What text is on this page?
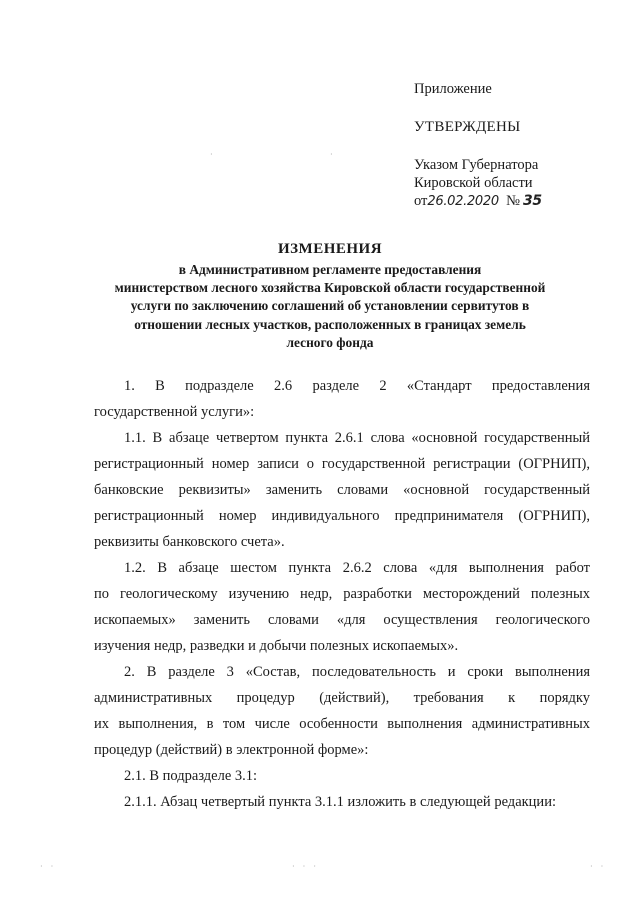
Приложение
УТВЕРЖДЕНЫ
Указом Губернатора
Кировской области
от26.02.2020 № 35
ИЗМЕНЕНИЯ
в Административном регламенте предоставления
министерством лесного хозяйства Кировской области государственной
услуги по заключению соглашений об установлении сервитутов в
отношении лесных участков, расположенных в границах земель
лесного фонда
1. В подразделе 2.6 разделе 2 «Стандарт предоставления
государственной услуги»:
1.1. В абзаце четвертом пункта 2.6.1 слова «основной государственный
регистрационный номер записи о государственной регистрации (ОГРНИП),
банковские реквизиты» заменить словами «основной государственный
регистрационный номер индивидуального предпринимателя (ОГРНИП),
реквизиты банковского счета».
1.2. В абзаце шестом пункта 2.6.2 слова «для выполнения работ
по геологическому изучению недр, разработки месторождений полезных
ископаемых» заменить словами «для осуществления геологического
изучения недр, разведки и добычи полезных ископаемых».
2. В разделе 3 «Состав, последовательность и сроки выполнения
административных процедур (действий), требования к порядку
их выполнения, в том числе особенности выполнения административных
процедур (действий) в электронной форме»:
2.1. В подразделе 3.1:
2.1.1. Абзац четвертый пункта 3.1.1 изложить в следующей редакции:
·	·
· ·	· · ·	· ·
